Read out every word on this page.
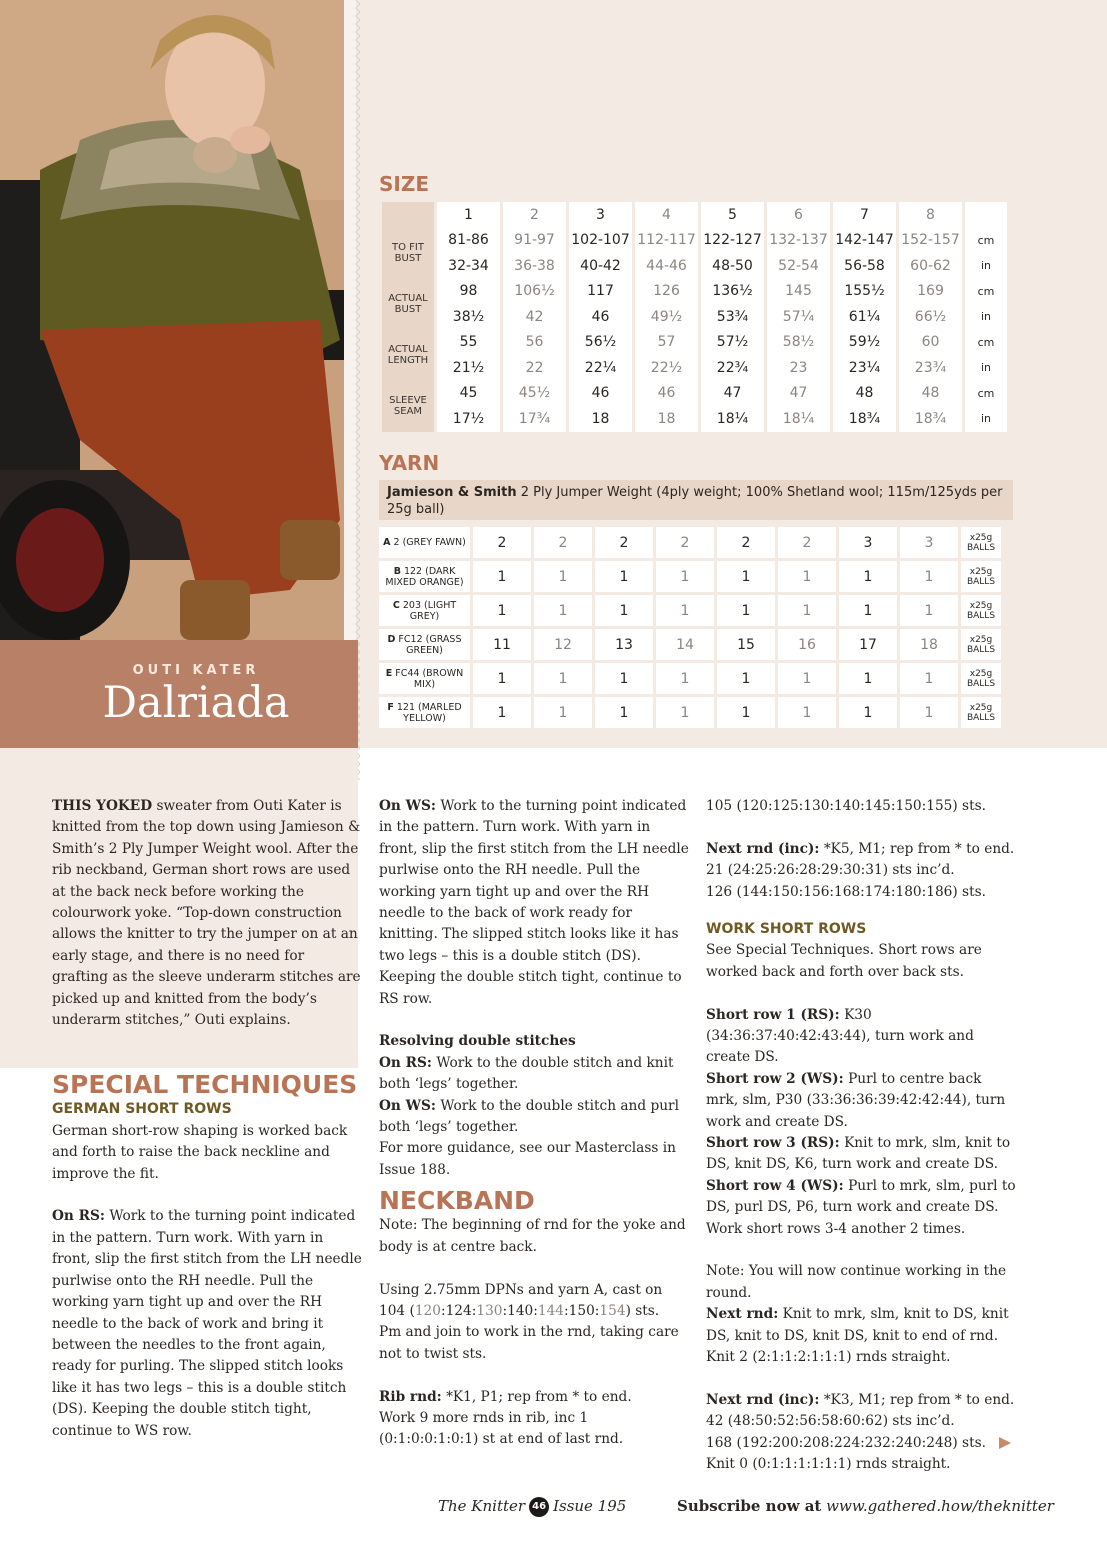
OUTI KATER
Dalriada
SIZE
	1	2	3	4	5	6	7	8	
TO FIT BUST	81-86	91-97	102-107	112-117	122-127	132-137	142-147	152-157	cm
	32-34	36-38	40-42	44-46	48-50	52-54	56-58	60-62	in
ACTUAL BUST	98	106½	117	126	136½	145	155½	169	cm
	38½	42	46	49½	53¾	57¼	61¼	66½	in
ACTUAL LENGTH	55	56	56½	57	57½	58½	59½	60	cm
	21½	22	22¼	22½	22¾	23	23¼	23¾	in
SLEEVE SEAM	45	45½	46	46	47	47	48	48	cm
	17½	17¾	18	18	18¼	18¼	18¾	18¾	in
YARN
Jamieson & Smith 2 Ply Jumper Weight (4ply weight; 100% Shetland wool; 115m/125yds per 25g ball)
A 2 (GREY FAWN)	2	2	2	2	2	2	3	3	x25g BALLS
B 122 (DARK MIXED ORANGE)	1	1	1	1	1	1	1	1	x25g BALLS
C 203 (LIGHT GREY)	1	1	1	1	1	1	1	1	x25g BALLS
D FC12 (GRASS GREEN)	11	12	13	14	15	16	17	18	x25g BALLS
E FC44 (BROWN MIX)	1	1	1	1	1	1	1	1	x25g BALLS
F 121 (MARLED YELLOW)	1	1	1	1	1	1	1	1	x25g BALLS

THIS YOKED sweater from Outi Kater is knitted from the top down using Jamieson & Smith’s 2 Ply Jumper Weight wool. After the rib neckband, German short rows are used at the back neck before working the colourwork yoke. “Top-down construction allows the knitter to try the jumper on at an early stage, and there is no need for grafting as the sleeve underarm stitches are picked up and knitted from the body’s underarm stitches,” Outi explains.

SPECIAL TECHNIQUES
GERMAN SHORT ROWS

German short-row shaping is worked back and forth to raise the back neckline and improve the fit.

On RS: Work to the turning point indicated in the pattern. Turn work. With yarn in front, slip the first stitch from the LH needle purlwise onto the RH needle. Pull the working yarn tight up and over the RH needle to the back of work and bring it between the needles to the front again, ready for purling. The slipped stitch looks like it has two legs – this is a double stitch (DS). Keeping the double stitch tight, continue to WS row.

On WS: Work to the turning point indicated in the pattern. Turn work. With yarn in front, slip the first stitch from the LH needle purlwise onto the RH needle. Pull the working yarn tight up and over the RH needle to the back of work ready for knitting. The slipped stitch looks like it has two legs – this is a double stitch (DS). Keeping the double stitch tight, continue to RS row.

Resolving double stitches

On RS: Work to the double stitch and knit both ‘legs’ together.

On WS: Work to the double stitch and purl both ‘legs’ together.

For more guidance, see our Masterclass in Issue 188.

NECKBAND

Note: The beginning of rnd for the yoke and body is at centre back.

Using 2.75mm DPNs and yarn A, cast on 104 (120:124:130:140:144:150:154) sts.

Pm and join to work in the rnd, taking care not to twist sts.

Rib rnd: *K1, P1; rep from * to end.

Work 9 more rnds in rib, inc 1 (0:1:0:0:1:0:1) st at end of last rnd.

105 (120:125:130:140:145:150:155) sts.

Next rnd (inc): *K5, M1; rep from * to end.

21 (24:25:26:28:29:30:31) sts inc’d.

126 (144:150:156:168:174:180:186) sts.

WORK SHORT ROWS

See Special Techniques. Short rows are worked back and forth over back sts.

Short row 1 (RS): K30 (34:36:37:40:42:43:44), turn work and create DS.

Short row 2 (WS): Purl to centre back mrk, slm, P30 (33:36:36:39:42:42:44), turn work and create DS.

Short row 3 (RS): Knit to mrk, slm, knit to DS, knit DS, K6, turn work and create DS.

Short row 4 (WS): Purl to mrk, slm, purl to DS, purl DS, P6, turn work and create DS.

Work short rows 3-4 another 2 times.

Note: You will now continue working in the round.

Next rnd: Knit to mrk, slm, knit to DS, knit DS, knit to DS, knit DS, knit to end of rnd.

Knit 2 (2:1:1:2:1:1:1) rnds straight.

Next rnd (inc): *K3, M1; rep from * to end.

42 (48:50:52:56:58:60:62) sts inc’d.

168 (192:200:208:224:232:240:248) sts.

Knit 0 (0:1:1:1:1:1:1) rnds straight.

The Knitter 46 Issue 195	Subscribe now at www.gathered.how/theknitter
